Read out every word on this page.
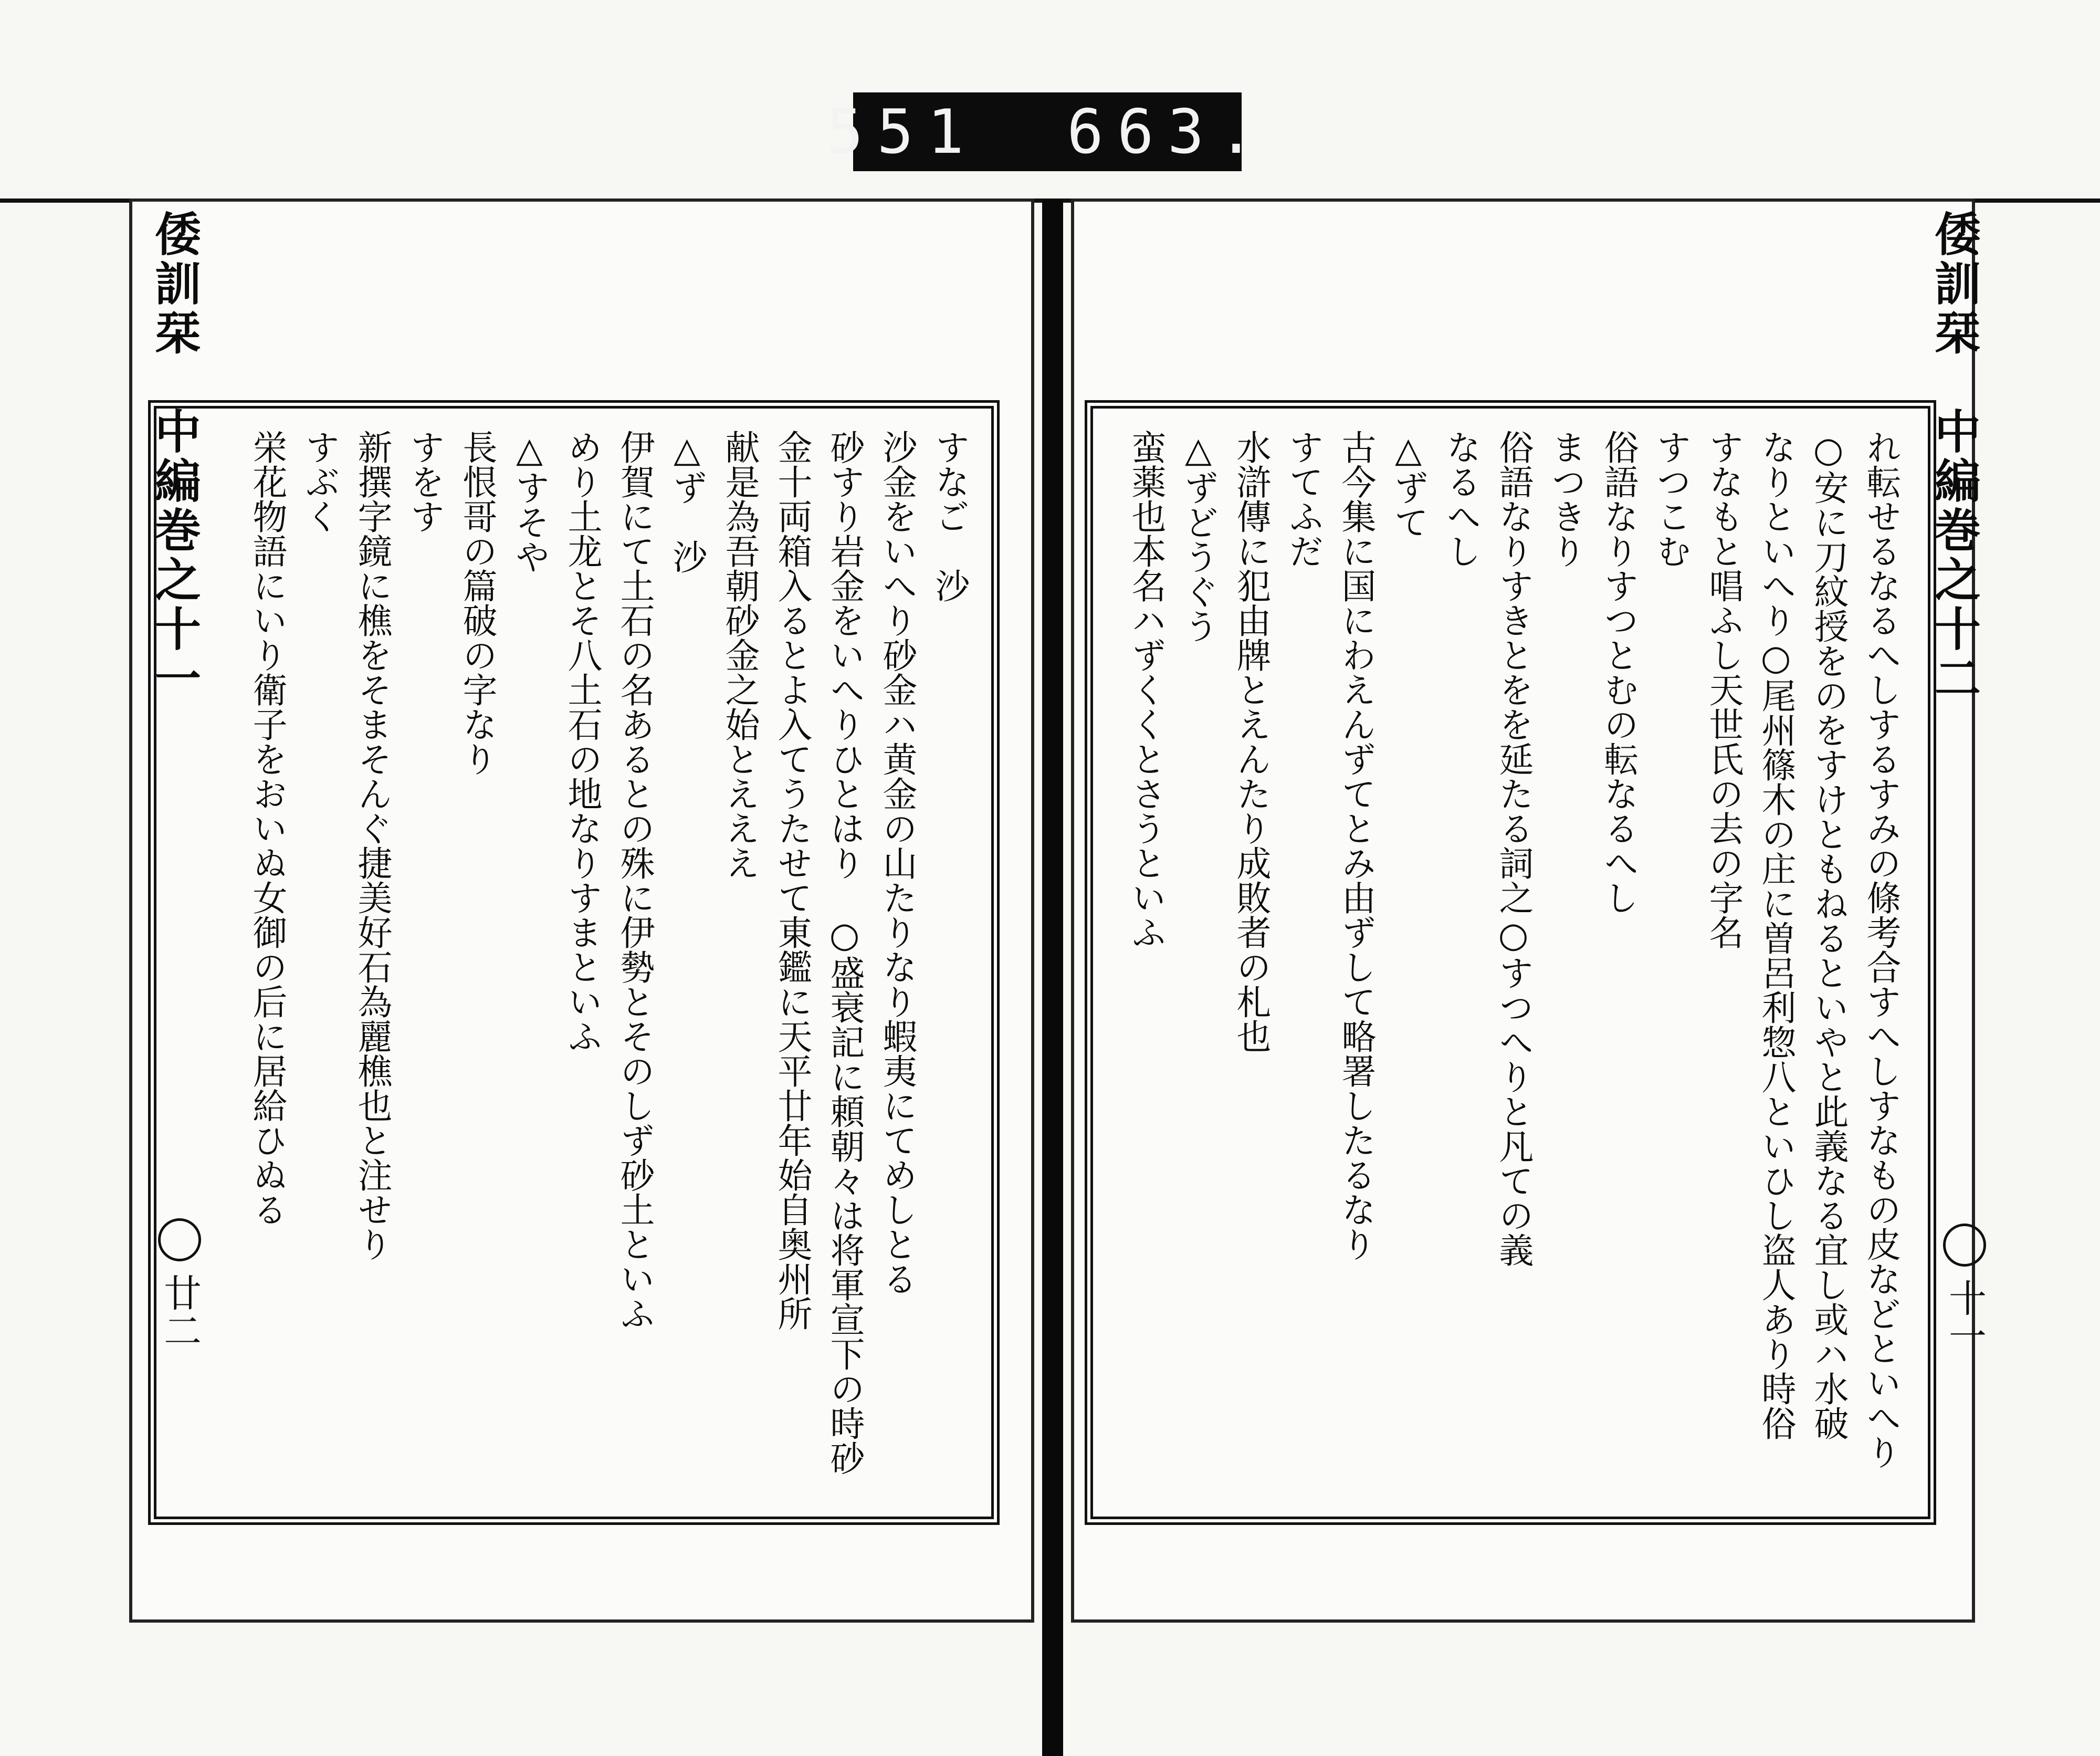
551 663.
すなご　沙
沙金をいへり砂金ハ黄金の山たりなり蝦夷にてめしとる
砂すり岩金をいへりひとはり　○盛衰記に頼朝々は将軍宣下の時砂
金十両箱入るとよ入てうたせて東鑑に天平廿年始自奥州所
献是為吾朝砂金之始とえええ
△ず　沙
伊賀にて土石の名あるとの殊に伊勢とそのしず砂土といふ
めり土龙とそ八土石の地なりすまといふ
△すそや
長恨哥の篇破の字なり
すをす
新撰字鏡に樵をそまそんぐ捷美好石為麗樵也と注せり
すぶく
栄花物語にいり衛子をおいぬ女御の后に居給ひぬる	れ転せるなるへしするすみの條考合すへしすなもの皮などといへり
○安に刀紋授をのをすけともねるといやと此義なる宜し或ハ水破
なりといへり○尾州篠木の庄に曽呂利惣八といひし盗人あり時俗
すなもと唱ふし天世氏の去の字名
すつこむ
俗語なりすつとむの転なるへし
まつきり
俗語なりすきとをを延たる詞之○すつへりと凡ての義
なるへし
△ずて
古今集に国にわえんずてとみ由ずして略署したるなり
すてふだ
水滸傳に犯由牌とえんたり成敗者の札也
△ずどうぐう
蛮薬也本名ハずくくとさうといふ
倭訓栞　中編巻之十一
廿二
倭訓栞　中編巻之十二
十一
